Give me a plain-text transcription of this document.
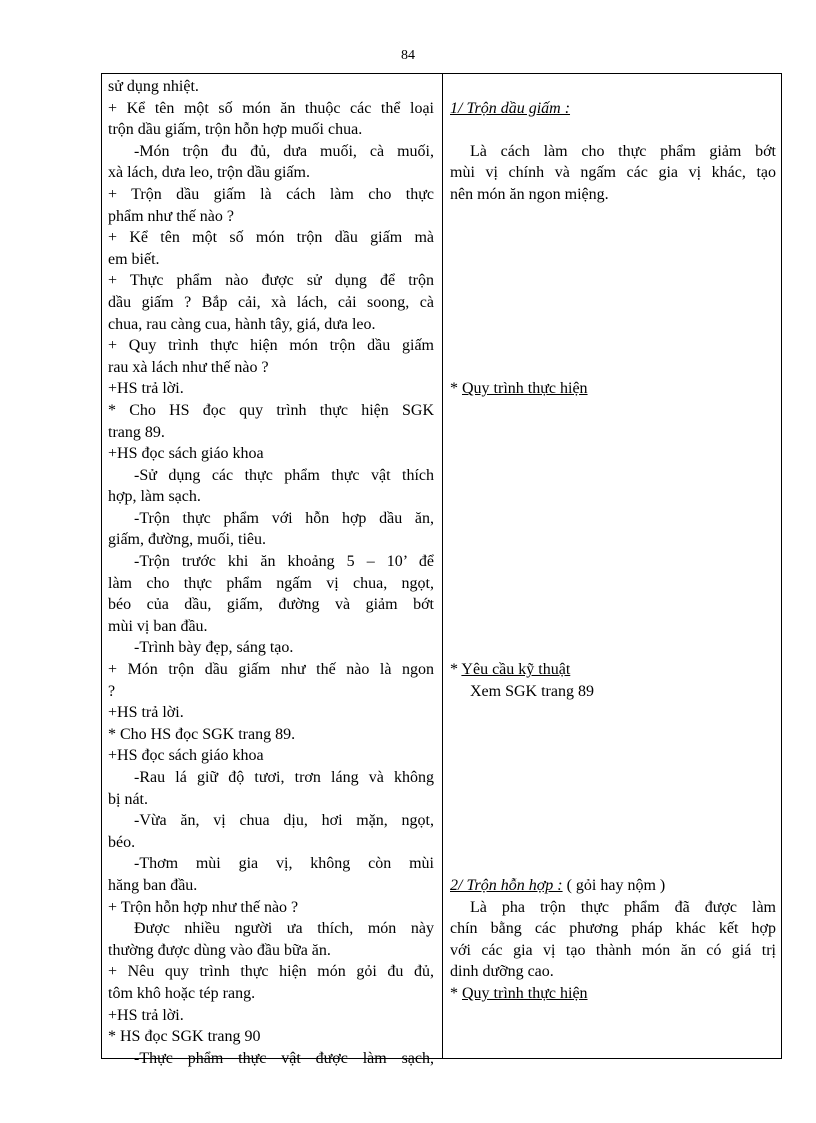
84
sử dụng nhiệt.
+ Kể tên một số món ăn thuộc các thể loại
trộn dầu giấm, trộn hỗn hợp muối chua.
-Món trộn đu đủ, dưa muối, cà muối,
xà lách, dưa leo, trộn dầu giấm.
+ Trộn dầu giấm là cách làm cho thực
phẩm như thế nào ?
+ Kể tên một số món trộn dầu giấm mà
em biết.
+ Thực phẩm nào được sử dụng để trộn
dầu giấm ? Bắp cải, xà lách, cải soong, cà
chua, rau càng cua, hành tây, giá, dưa leo.
+ Quy trình thực hiện món trộn dầu giấm
rau xà lách như thế nào ?
+HS trả lời.
* Cho HS đọc quy trình thực hiện SGK
trang 89.
+HS đọc sách giáo khoa
-Sử dụng các thực phẩm thực vật thích
hợp, làm sạch.
-Trộn thực phẩm với hỗn hợp dầu ăn,
giấm, đường, muối, tiêu.
-Trộn trước khi ăn khoảng 5 – 10’ để
làm cho thực phẩm ngấm vị chua, ngọt,
béo của dầu, giấm, đường và giảm bớt
mùi vị ban đầu.
-Trình bày đẹp, sáng tạo.
+ Món trộn dầu giấm như thế nào là ngon
?
+HS trả lời.
* Cho HS đọc SGK trang 89.
+HS đọc sách giáo khoa
-Rau lá giữ độ tươi, trơn láng và không
bị nát.
-Vừa ăn, vị chua dịu, hơi mặn, ngọt,
béo.
-Thơm mùi gia vị, không còn mùi
hăng ban đầu.
+ Trộn hỗn hợp như thế nào ?
Được nhiều người ưa thích, món này
thường được dùng vào đầu bữa ăn.
+ Nêu quy trình thực hiện món gỏi đu đủ,
tôm khô hoặc tép rang.
+HS trả lời.
* HS đọc SGK trang 90
-Thực phẩm thực vật được làm sạch,
1/ Trộn dầu giấm :
Là cách làm cho thực phẩm giảm bớt
mùi vị chính và ngấm các gia vị khác, tạo
nên món ăn ngon miệng.
* Quy trình thực hiện
* Yêu cầu kỹ thuật
Xem SGK trang 89
2/ Trộn hỗn hợp : ( gỏi hay nộm )
Là pha trộn thực phẩm đã được làm
chín bằng các phương pháp khác kết hợp
với các gia vị tạo thành món ăn có giá trị
dinh dưỡng cao.
* Quy trình thực hiện
